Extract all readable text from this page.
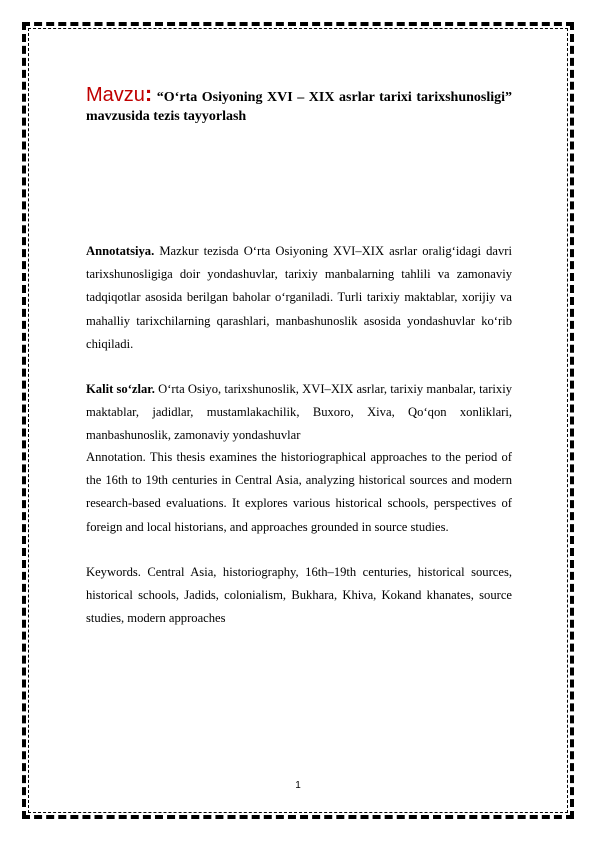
Mavzu: “O‘rta Osiyoning XVI – XIX asrlar tarixi tarixshunosligi” mavzusida tezis tayyorlash

Annotatsiya. Mazkur tezisda O‘rta Osiyoning XVI–XIX asrlar oralig‘idagi davri tarixshunosligiga doir yondashuvlar, tarixiy manbalarning tahlili va zamonaviy tadqiqotlar asosida berilgan baholar o‘rganiladi. Turli tarixiy maktablar, xorijiy va mahalliy tarixchilarning qarashlari, manbashunoslik asosida yondashuvlar ko‘rib chiqiladi.

Kalit so‘zlar. O‘rta Osiyo, tarixshunoslik, XVI–XIX asrlar, tarixiy manbalar, tarixiy maktablar, jadidlar, mustamlakachilik, Buxoro, Xiva, Qo‘qon xonliklari, manbashunoslik, zamonaviy yondashuvlar

Annotation. This thesis examines the historiographical approaches to the period of the 16th to 19th centuries in Central Asia, analyzing historical sources and modern research-based evaluations. It explores various historical schools, perspectives of foreign and local historians, and approaches grounded in source studies.

Keywords. Central Asia, historiography, 16th–19th centuries, historical sources, historical schools, Jadids, colonialism, Bukhara, Khiva, Kokand khanates, source studies, modern approaches

1
